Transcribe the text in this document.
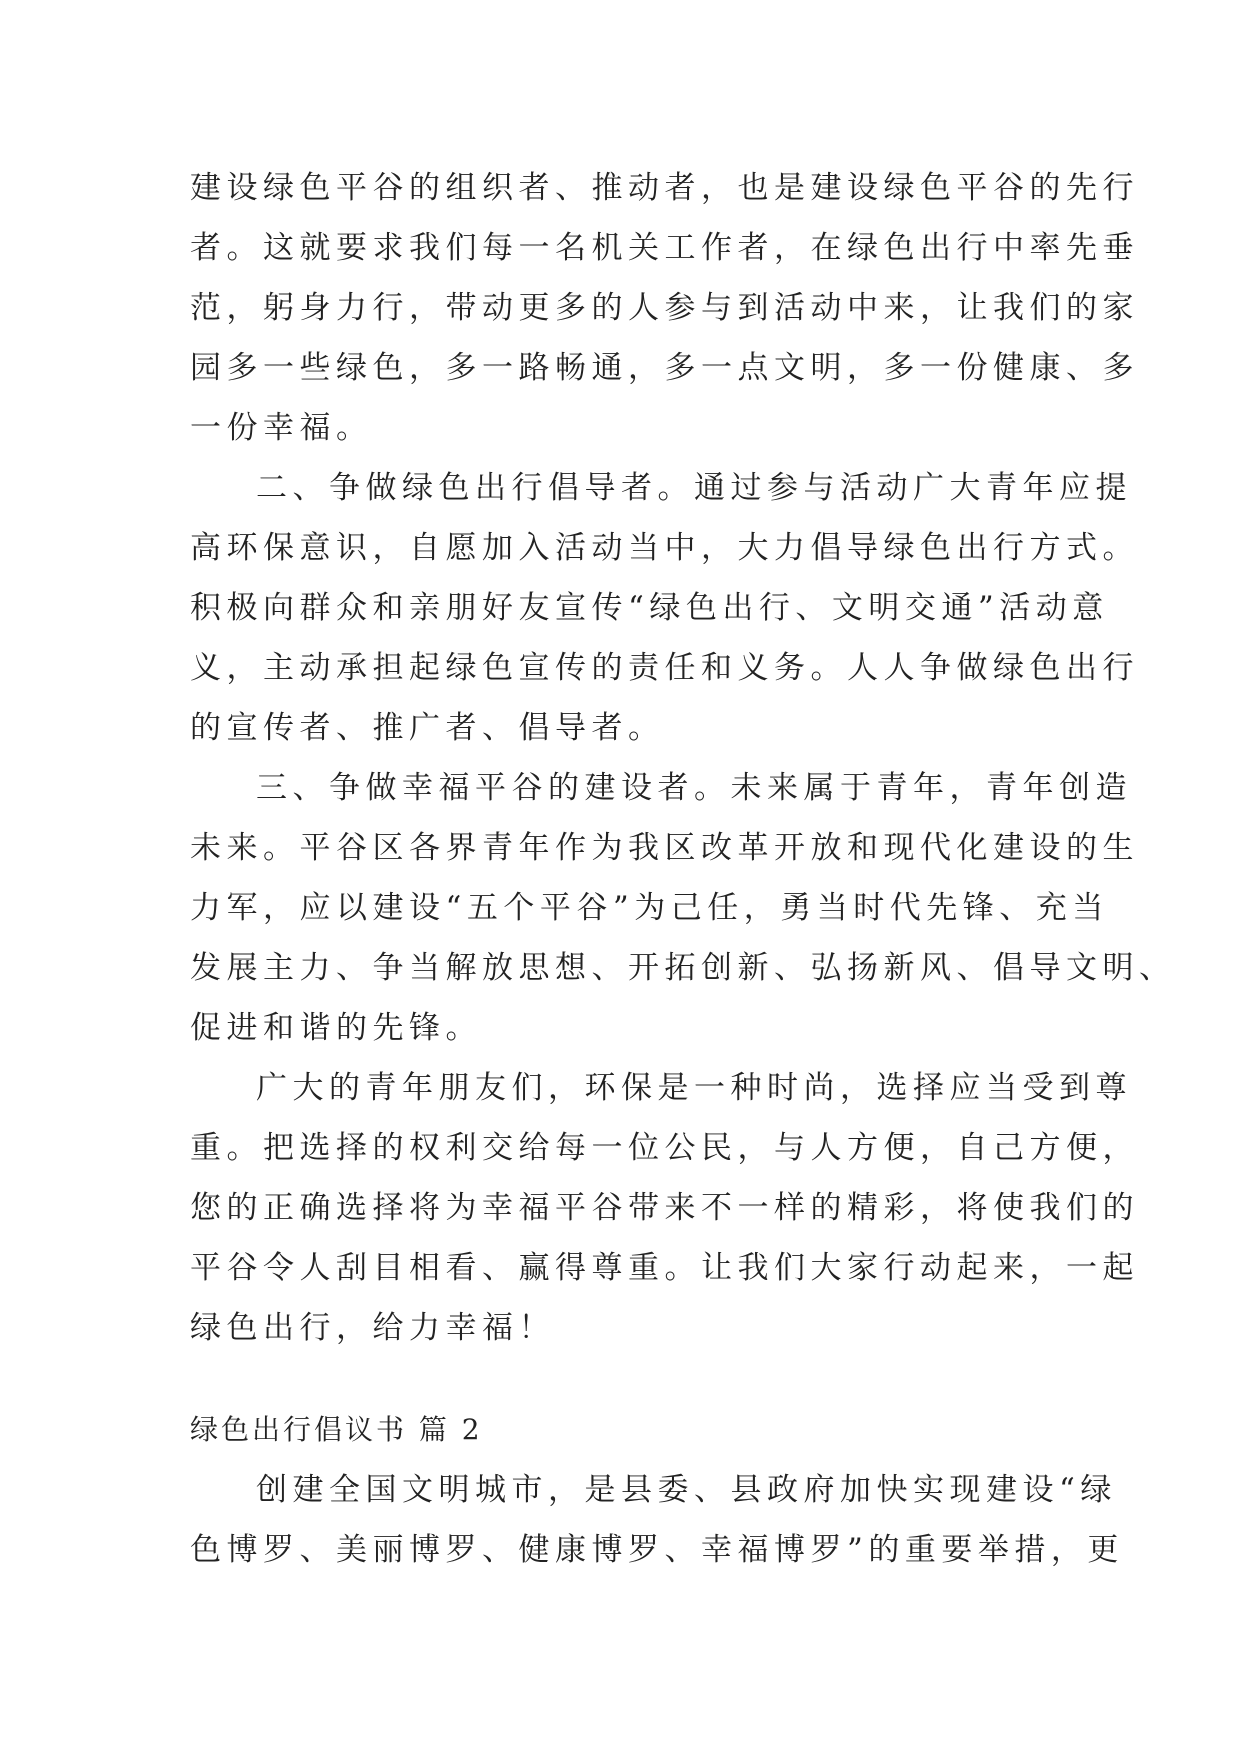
建设绿色平谷的组织者、推动者，也是建设绿色平谷的先行
者。这就要求我们每一名机关工作者，在绿色出行中率先垂
范，躬身力行，带动更多的人参与到活动中来，让我们的家
园多一些绿色，多一路畅通，多一点文明，多一份健康、多
一份幸福。
二、争做绿色出行倡导者。通过参与活动广大青年应提
高环保意识，自愿加入活动当中，大力倡导绿色出行方式。
积极向群众和亲朋好友宣传“绿色出行、文明交通”活动意
义，主动承担起绿色宣传的责任和义务。人人争做绿色出行
的宣传者、推广者、倡导者。
三、争做幸福平谷的建设者。未来属于青年，青年创造
未来。平谷区各界青年作为我区改革开放和现代化建设的生
力军，应以建设“五个平谷”为己任，勇当时代先锋、充当
发展主力、争当解放思想、开拓创新、弘扬新风、倡导文明、
促进和谐的先锋。
广大的青年朋友们，环保是一种时尚，选择应当受到尊
重。把选择的权利交给每一位公民，与人方便，自己方便，
您的正确选择将为幸福平谷带来不一样的精彩，将使我们的
平谷令人刮目相看、赢得尊重。让我们大家行动起来，一起
绿色出行，给力幸福！
绿色出行倡议书 篇 2
创建全国文明城市，是县委、县政府加快实现建设“绿
色博罗、美丽博罗、健康博罗、幸福博罗”的重要举措，更
